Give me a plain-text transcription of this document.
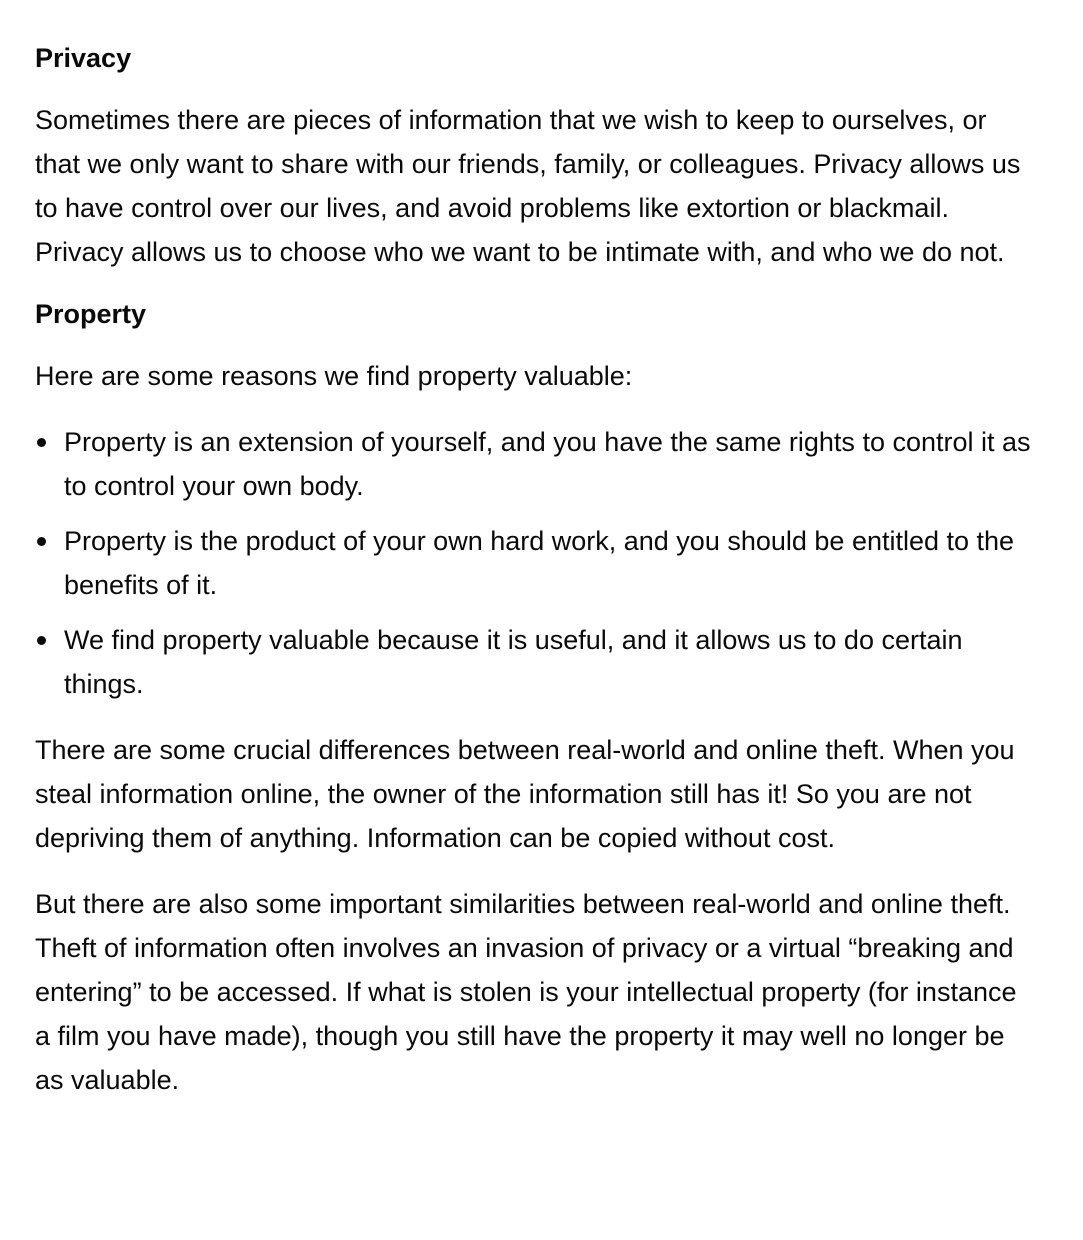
Privacy

Sometimes there are pieces of information that we wish to keep to ourselves, or that we only want to share with our friends, family, or colleagues. Privacy allows us to have control over our lives, and avoid problems like extortion or blackmail. Privacy allows us to choose who we want to be intimate with, and who we do not.

Property

Here are some reasons we find property valuable:

Property is an extension of yourself, and you have the same rights to control it as to control your own body.
Property is the product of your own hard work, and you should be entitled to the benefits of it.
We find property valuable because it is useful, and it allows us to do certain things.

There are some crucial differences between real-world and online theft. When you steal information online, the owner of the information still has it! So you are not depriving them of anything. Information can be copied without cost.

But there are also some important similarities between real-world and online theft. Theft of information often involves an invasion of privacy or a virtual “breaking and entering” to be accessed. If what is stolen is your intellectual property (for instance a film you have made), though you still have the property it may well no longer be as valuable.
